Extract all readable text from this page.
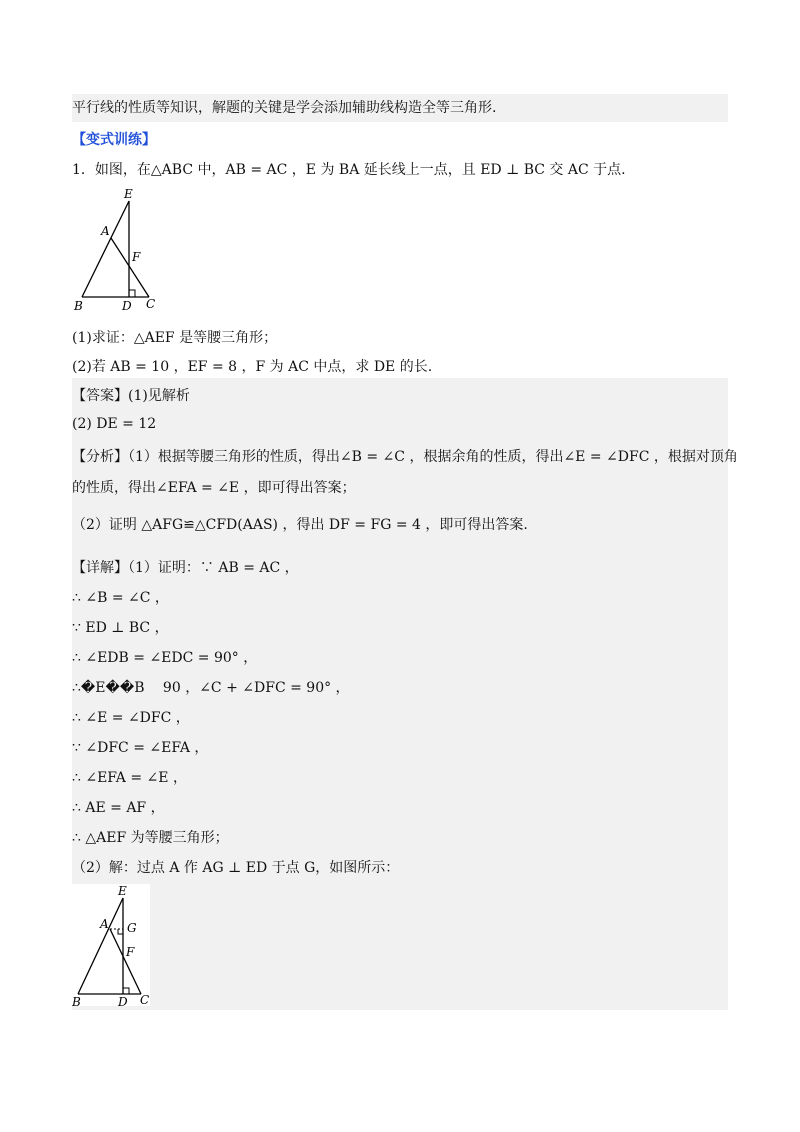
平行线的性质等知识，解题的关键是学会添加辅助线构造全等三角形.
【变式训练】
1．如图，在△ABC 中，AB = AC ，E 为 BA 延长线上一点，且 ED ⊥ BC 交 AC 于点.
E
A
F
B	D C
(1)求证：△AEF 是等腰三角形；
(2)若 AB = 10 ，EF = 8 ，F 为 AC 中点，求 DE 的长.
【答案】(1)见解析
(2) DE = 12
【分析】（1）根据等腰三角形的性质，得出∠B = ∠C ，根据余角的性质，得出∠E = ∠DFC ，根据对顶角
的性质，得出∠EFA = ∠E ，即可得出答案；
（2）证明 △AFG≌△CFD(AAS) ，得出 DF = FG = 4 ，即可得出答案.
【详解】（1）证明：∵ AB = AC ，
∴ ∠B = ∠C ，
∵ ED ⊥ BC ，
∴ ∠EDB = ∠EDC = 90° ，
∴�E��B　 90 ，∠C + ∠DFC = 90° ，
∴ ∠E = ∠DFC ，
∵ ∠DFC = ∠EFA ，
∴ ∠EFA = ∠E ，
∴ AE = AF ，
∴ △AEF 为等腰三角形；
（2）解：过点 A 作 AG ⊥ ED 于点 G，如图所示：
E
A G
F
B	D C
